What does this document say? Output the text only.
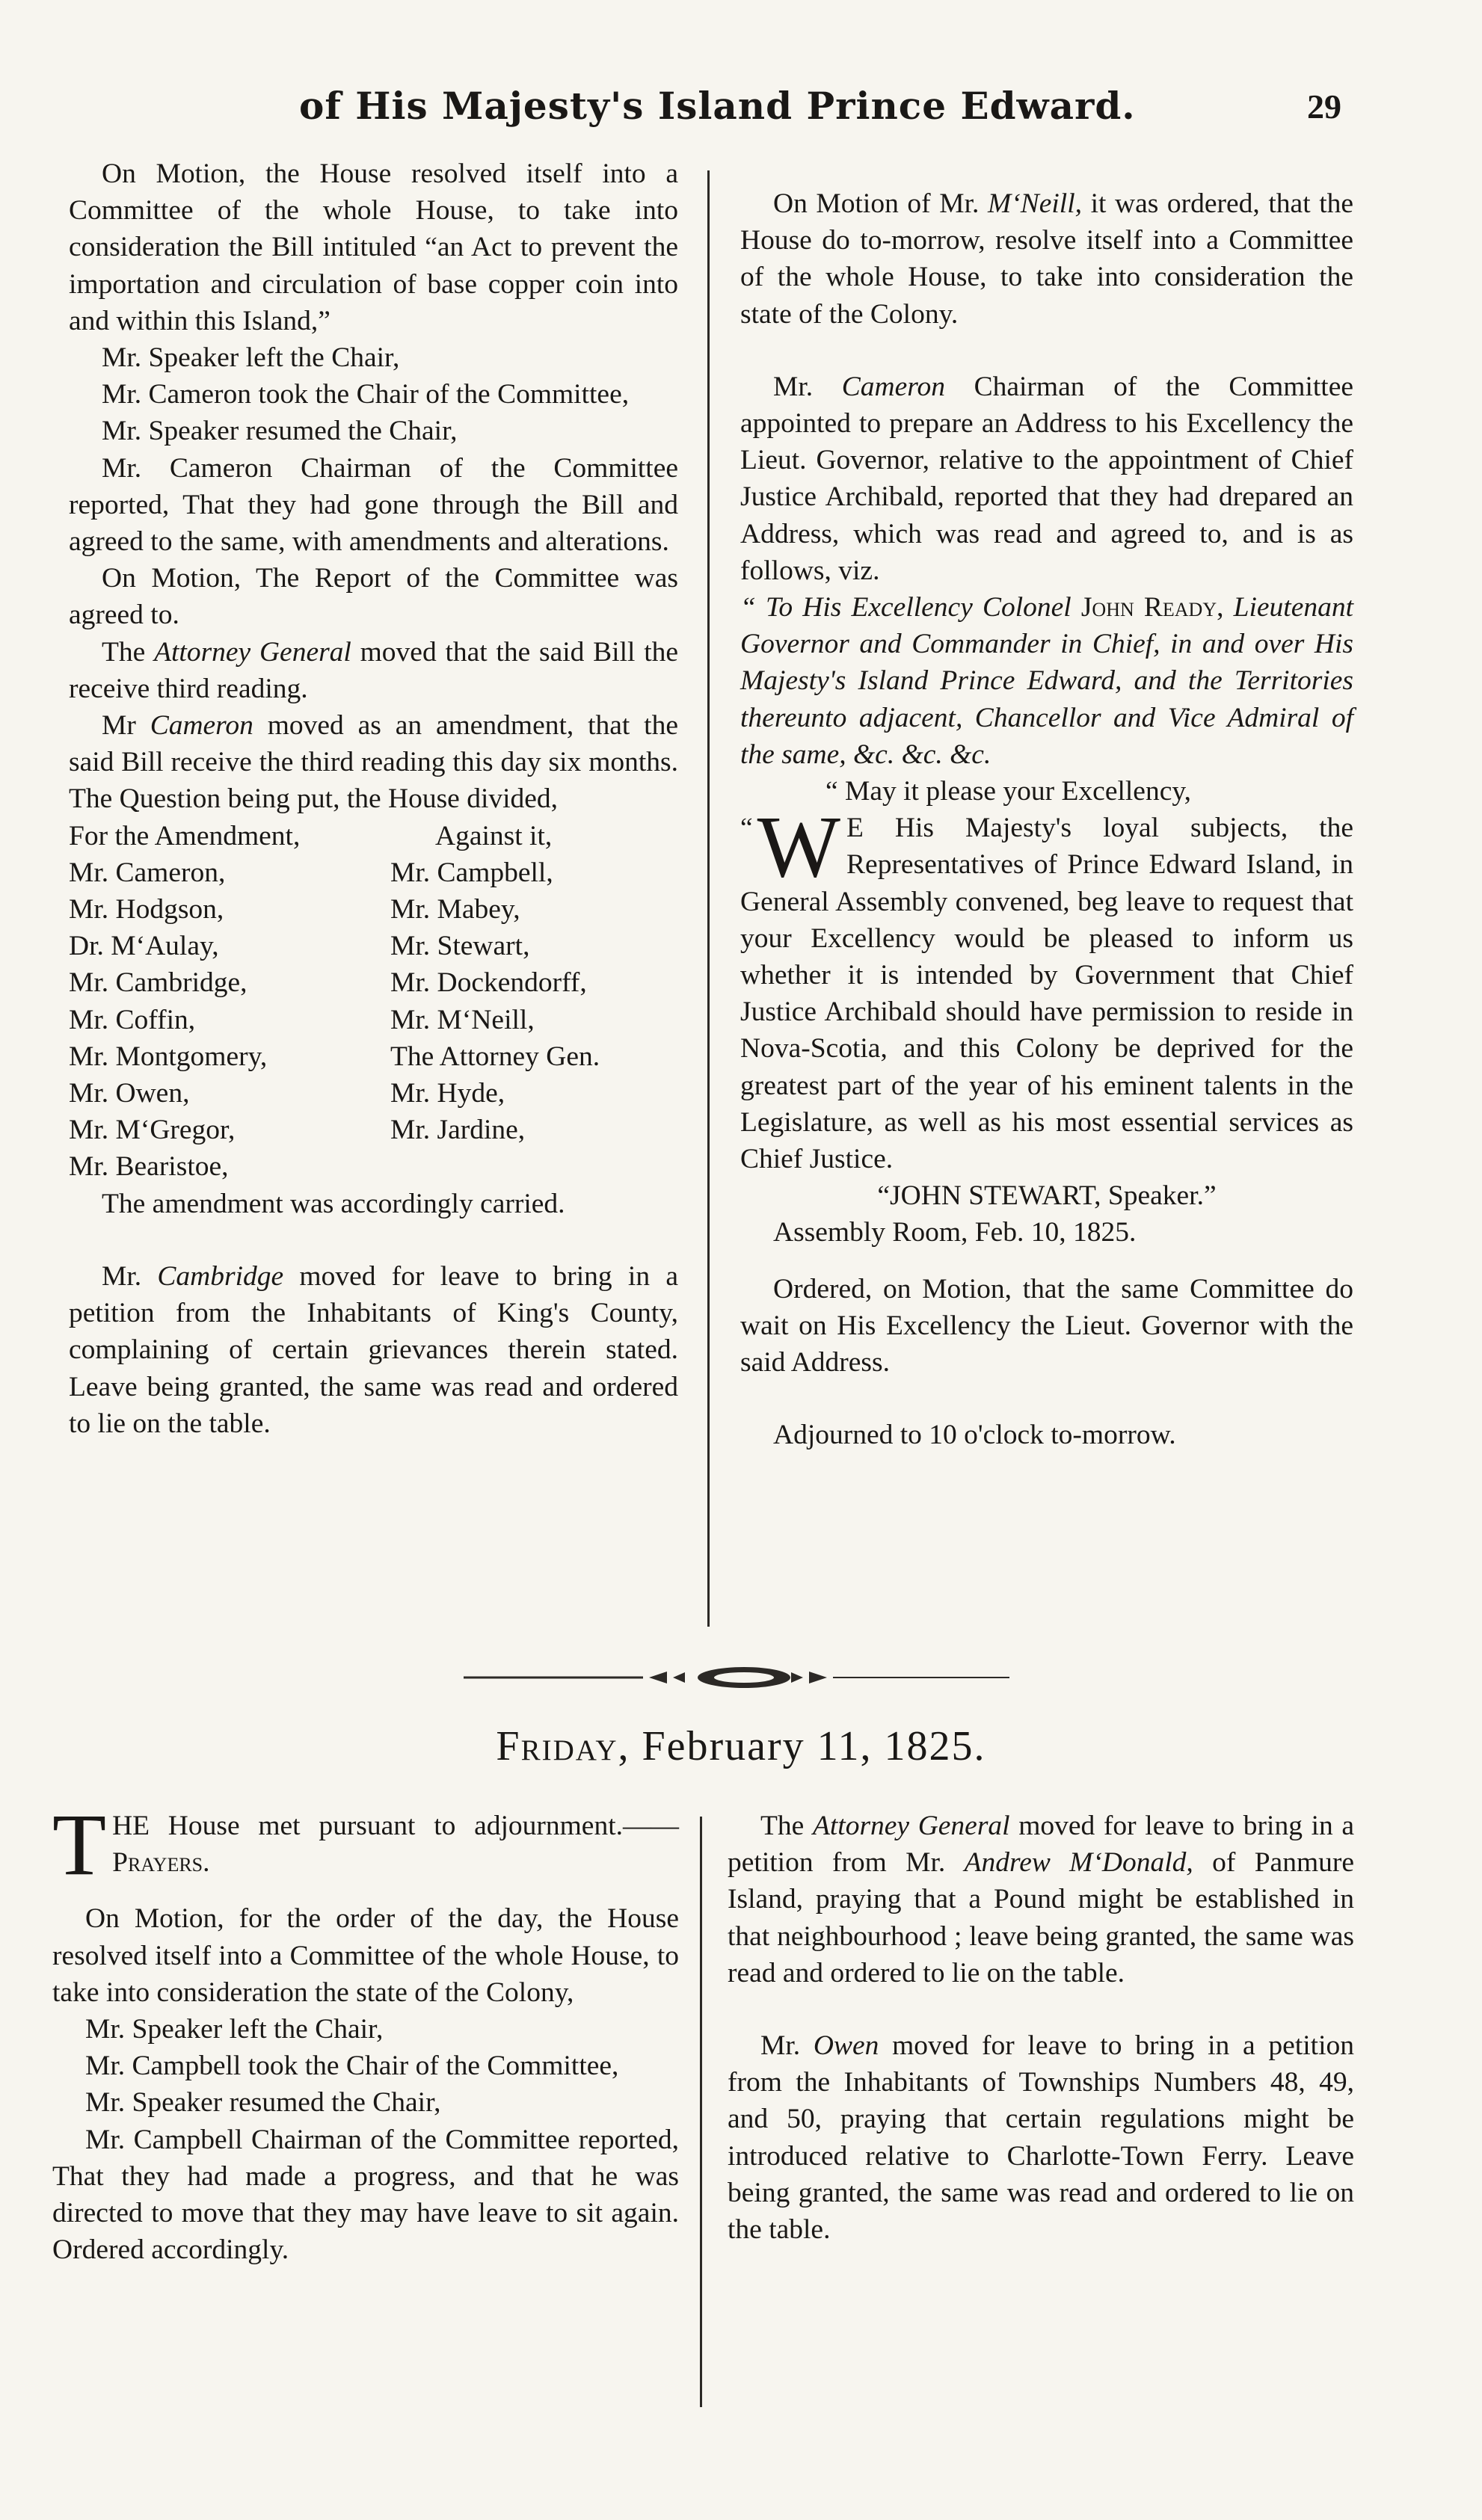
of His Majesty's Island Prince Edward.	29

On Motion, the House resolved itself into a Committee of the whole House, to take into consideration the Bill intituled “an Act to prevent the importation and circulation of base copper coin into and within this Island,”

Mr. Speaker left the Chair,

Mr. Cameron took the Chair of the Committee,

Mr. Speaker resumed the Chair,

Mr. Cameron Chairman of the Committee reported, That they had gone through the Bill and agreed to the same, with amendments and alterations.

On Motion, The Report of the Committee was agreed to.

The Attorney General moved that the said Bill the receive third reading.

Mr Cameron moved as an amendment, that the said Bill receive the third reading this day six months. The Question being put, the House divided,

For the Amendment,	Against it,
Mr. Cameron,	Mr. Campbell,
Mr. Hodgson,	Mr. Mabey,
Dr. M‘Aulay,	Mr. Stewart,
Mr. Cambridge,	Mr. Dockendorff,
Mr. Coffin,	Mr. M‘Neill,
Mr. Montgomery,	The Attorney Gen.
Mr. Owen,	Mr. Hyde,
Mr. M‘Gregor,	Mr. Jardine,
Mr. Bearistoe,	

The amendment was accordingly carried.

Mr. Cambridge moved for leave to bring in a petition from the Inhabitants of King's County, complaining of certain grievances therein stated. Leave being granted, the same was read and ordered to lie on the table.

On Motion of Mr. M‘Neill, it was ordered, that the House do to-morrow, resolve itself into a Committee of the whole House, to take into consideration the state of the Colony.

Mr. Cameron Chairman of the Committee appointed to prepare an Address to his Excellency the Lieut. Governor, relative to the appointment of Chief Justice Archibald, reported that they had drepared an Address, which was read and agreed to, and is as follows, viz.

“ To His Excellency Colonel John Ready, Lieutenant Governor and Commander in Chief, in and over His Majesty's Island Prince Edward, and the Territories thereunto adjacent, Chancellor and Vice Admiral of the same, &c. &c. &c.

“ May it please your Excellency,

“ W E His Majesty's loyal subjects, the Representatives of Prince Edward Island, in General Assembly convened, beg leave to request that your Excellency would be pleased to inform us whether it is intended by Government that Chief Justice Archibald should have permission to reside in Nova-Scotia, and this Colony be deprived for the greatest part of the year of his eminent talents in the Legislature, as well as his most essential services as Chief Justice.

“JOHN STEWART, Speaker.”

Assembly Room, Feb. 10, 1825.

Ordered, on Motion, that the same Committee do wait on His Excellency the Lieut. Governor with the said Address.

Adjourned to 10 o'clock to-morrow.

Friday, February 11, 1825.

T HE House met pursuant to adjournment.—— Prayers.

On Motion, for the order of the day, the House resolved itself into a Committee of the whole House, to take into consideration the state of the Colony,

Mr. Speaker left the Chair,

Mr. Campbell took the Chair of the Committee,

Mr. Speaker resumed the Chair,

Mr. Campbell Chairman of the Committee reported, That they had made a progress, and that he was directed to move that they may have leave to sit again. Ordered accordingly.

The Attorney General moved for leave to bring in a petition from Mr. Andrew M‘Donald, of Panmure Island, praying that a Pound might be established in that neighbourhood ; leave being granted, the same was read and ordered to lie on the table.

Mr. Owen moved for leave to bring in a petition from the Inhabitants of Townships Numbers 48, 49, and 50, praying that certain regulations might be introduced relative to Charlotte-Town Ferry. Leave being granted, the same was read and ordered to lie on the table.
